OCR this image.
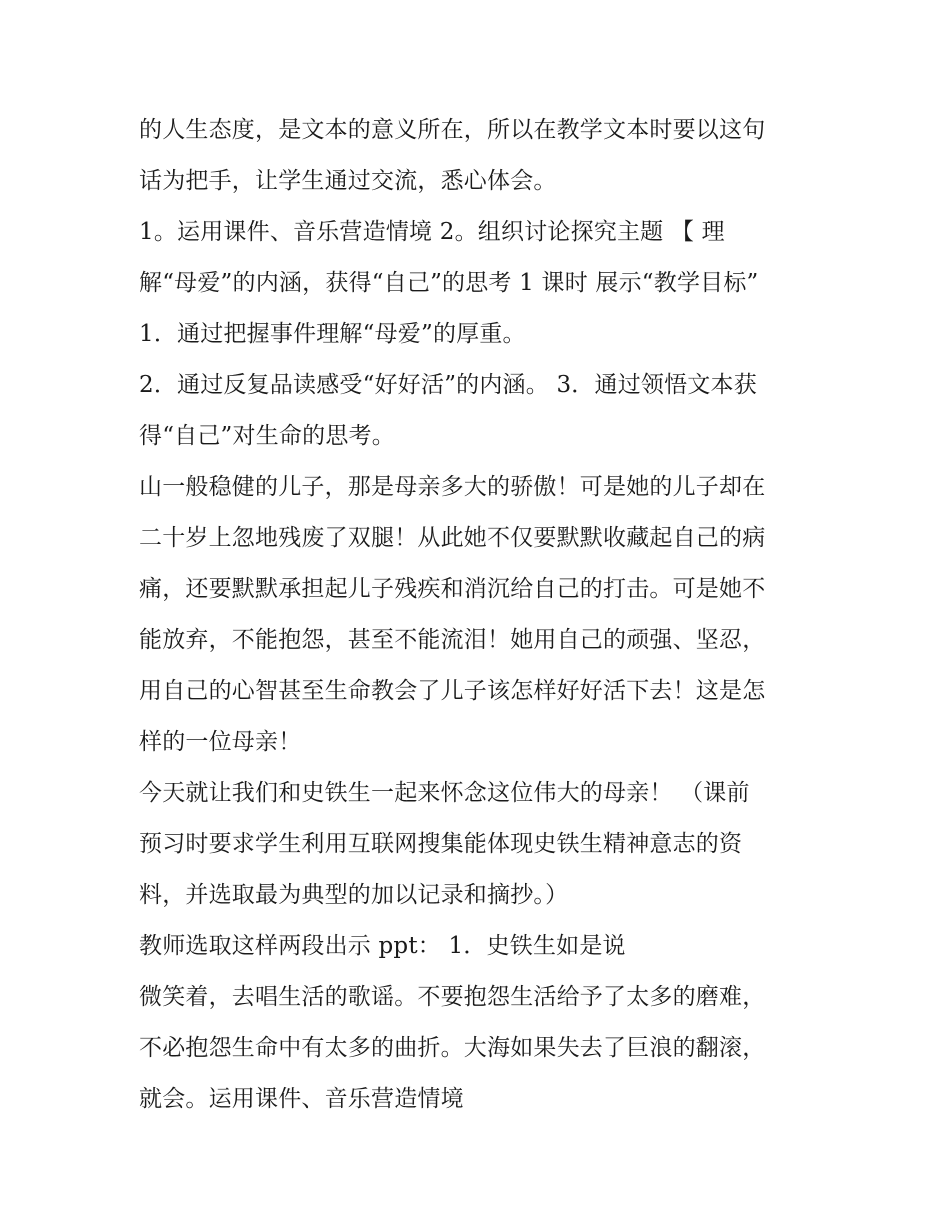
的人生态度，是文本的意义所在，所以在教学文本时要以这句
话为把手，让学生通过交流，悉心体会。
1。运用课件、音乐营造情境 2。组织讨论探究主题 【 理
解“母爱”的内涵，获得“自己”的思考 1 课时 展示“教学目标”
1．通过把握事件理解“母爱”的厚重。
2．通过反复品读感受“好好活”的内涵。 3．通过领悟文本获
得“自己”对生命的思考。
山一般稳健的儿子，那是母亲多大的骄傲！可是她的儿子却在
二十岁上忽地残废了双腿！从此她不仅要默默收藏起自己的病
痛，还要默默承担起儿子残疾和消沉给自己的打击。可是她不
能放弃，不能抱怨，甚至不能流泪！她用自己的顽强、坚忍，
用自己的心智甚至生命教会了儿子该怎样好好活下去！这是怎
样的一位母亲！
今天就让我们和史铁生一起来怀念这位伟大的母亲！ （课前
预习时要求学生利用互联网搜集能体现史铁生精神意志的资
料，并选取最为典型的加以记录和摘抄。）
教师选取这样两段出示 ppt： 1．史铁生如是说
微笑着，去唱生活的歌谣。不要抱怨生活给予了太多的磨难，
不必抱怨生命中有太多的曲折。大海如果失去了巨浪的翻滚，
就会。运用课件、音乐营造情境
